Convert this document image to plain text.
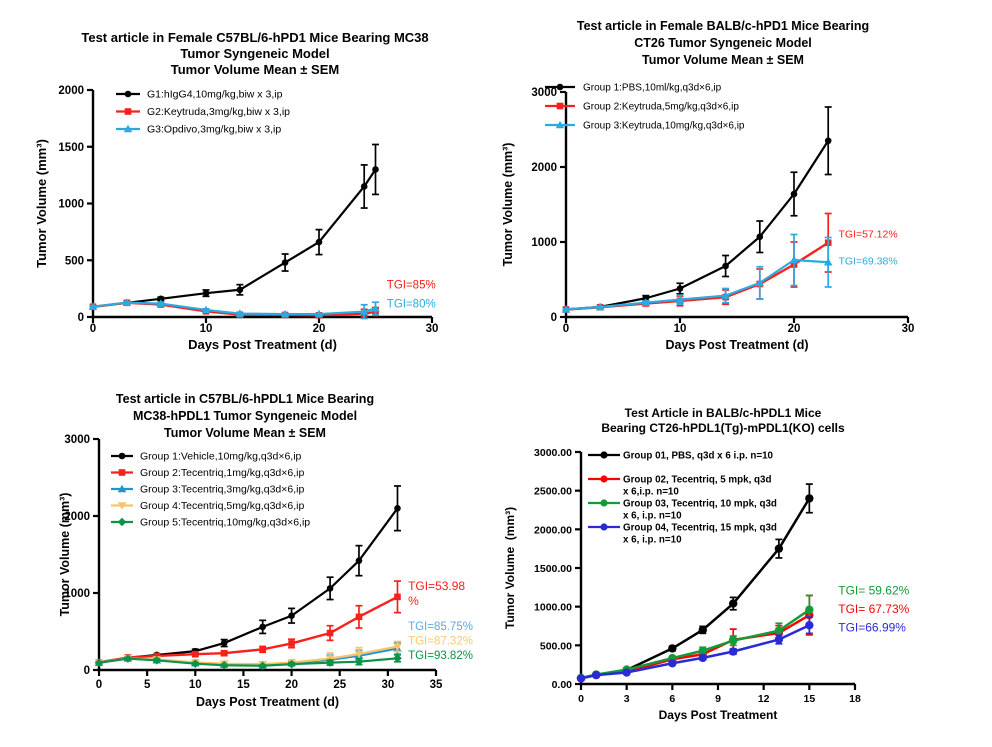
Test article in Female C57BL/6-hPD1 Mice Bearing MC38
Tumor Syngeneic Model
Tumor Volume Mean ± SEM
0
500
1000
1500
2000
0	10	20	30
Tumor Volume (mm³)
Days Post Treatment (d)
G1:hIgG4,10mg/kg,biw x 3,ip
G2:Keytruda,3mg/kg,biw x 3,ip
G3:Opdivo,3mg/kg,biw x 3,ip
TGI=85%
TGI=80%
Test article in Female BALB/c-hPD1 Mice Bearing
CT26 Tumor Syngeneic Model
Tumor Volume Mean ± SEM
0
1000
2000
3000
0	10	20	30
Tumor Volume (mm³)
Days Post Treatment (d)
Group 1:PBS,10ml/kg,q3d×6,ip
Group 2:Keytruda,5mg/kg,q3d×6,ip
Group 3:Keytruda,10mg/kg,q3d×6,ip
TGI=57.12%
TGI=69.38%
Test article in C57BL/6-hPDL1 Mice Bearing
MC38-hPDL1 Tumor Syngeneic Model
Tumor Volume Mean ± SEM
0
1000
2000
3000
0	5	10	15	20	25	30	35
Tumor Volume (mm³)
Days Post Treatment (d)
Group 1:Vehicle,10mg/kg,q3d×6,ip
Group 2:Tecentriq,1mg/kg,q3d×6,ip
Group 3:Tecentriq,3mg/kg,q3d×6,ip
Group 4:Tecentriq,5mg/kg,q3d×6,ip
Group 5:Tecentriq,10mg/kg,q3d×6,ip
TGI=53.98
%
TGI=85.75%
TGI=87.32%
TGI=93.82%
Test Article in BALB/c-hPDL1 Mice
Bearing CT26-hPDL1(Tg)-mPDL1(KO) cells
0.00
500.00
1000.00
1500.00
2000.00
2500.00
3000.00
0	3	6	9	12	15	18
Tumor Volume  (mm³)
Days Post Treatment
Group 01, PBS, q3d x 6 i.p. n=10
Group 02, Tecentriq, 5 mpk, q3d
x 6,i.p. n=10
Group 03, Tecentriq, 10 mpk, q3d
x 6, i.p. n=10
Group 04, Tecentriq, 15 mpk, q3d
x 6, i.p. n=10
TGI= 59.62%
TGI= 67.73%
TGI=66.99%
